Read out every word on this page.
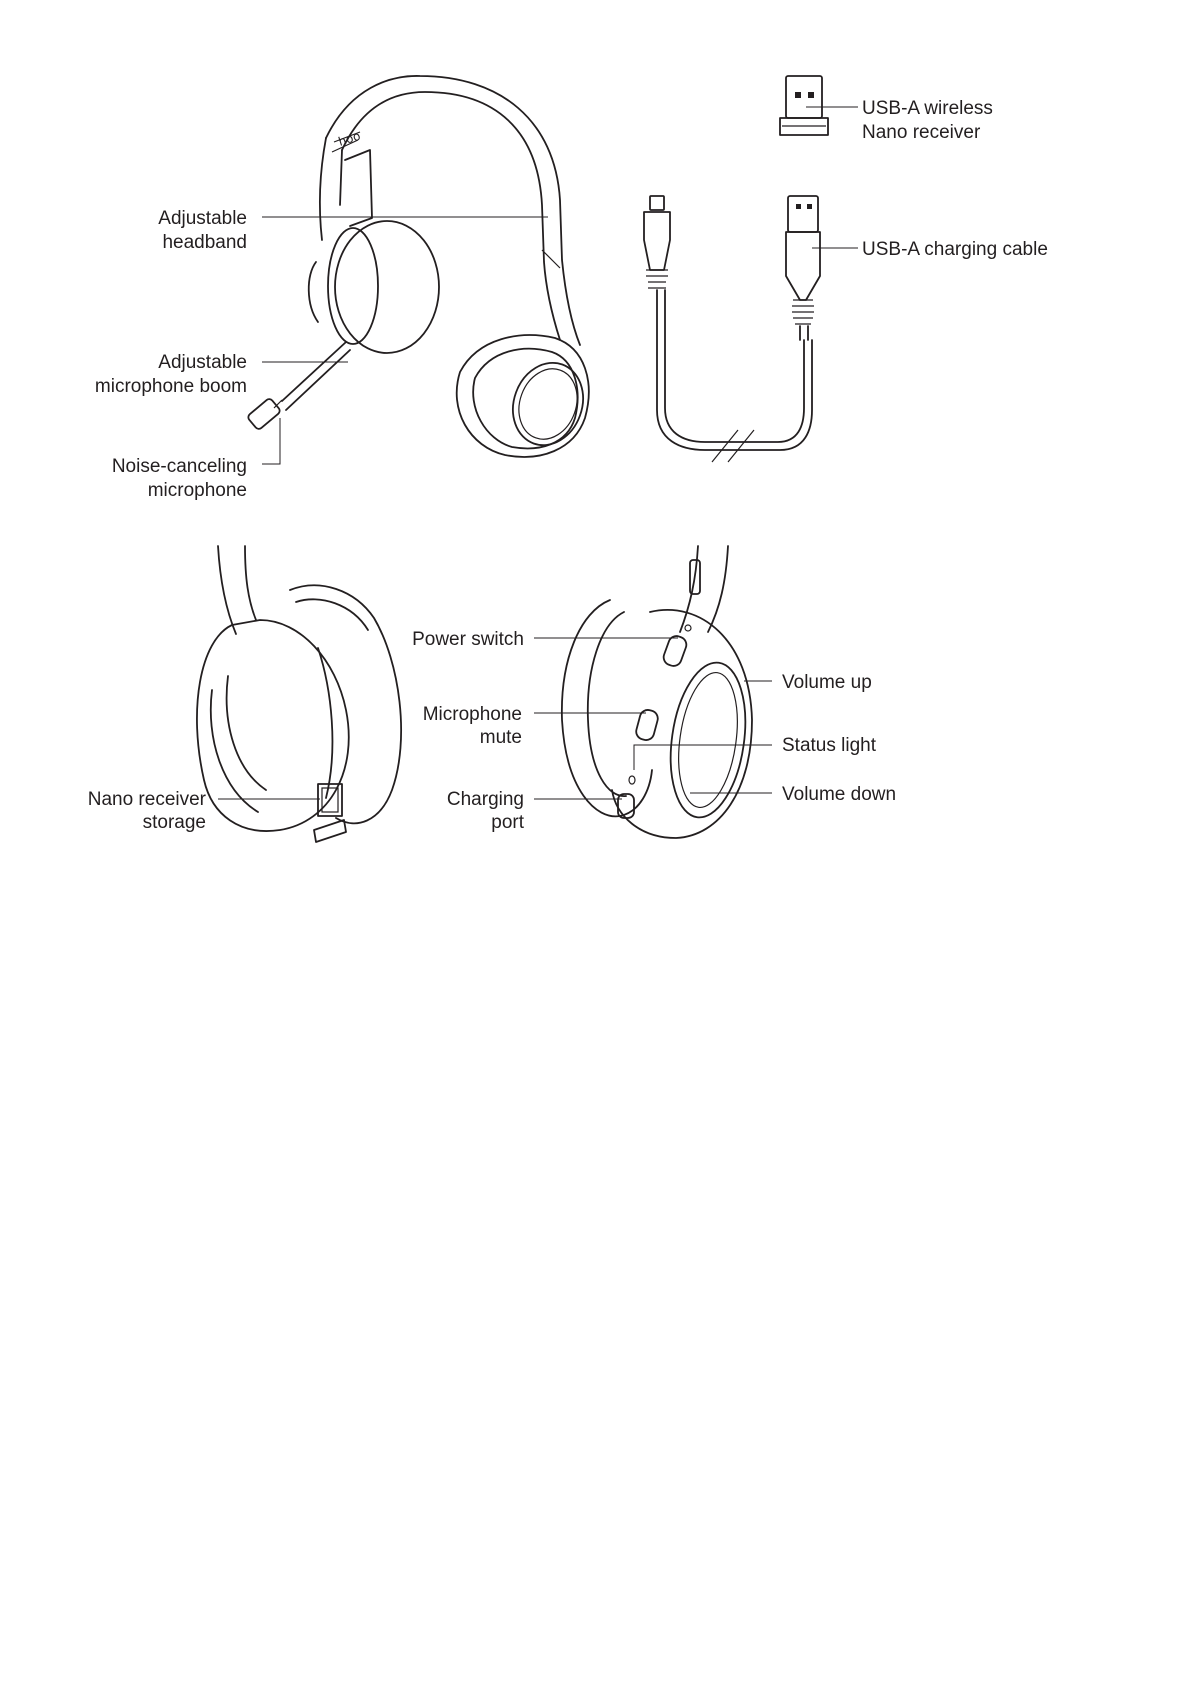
hoo
Adjustable
headband
Adjustable
microphone boom
Noise-canceling
microphone
USB-A wireless
Nano receiver
USB-A charging cable
Power switch
Microphone
mute
Charging
port
Volume up
Status light
Volume down
Nano receiver
storage
